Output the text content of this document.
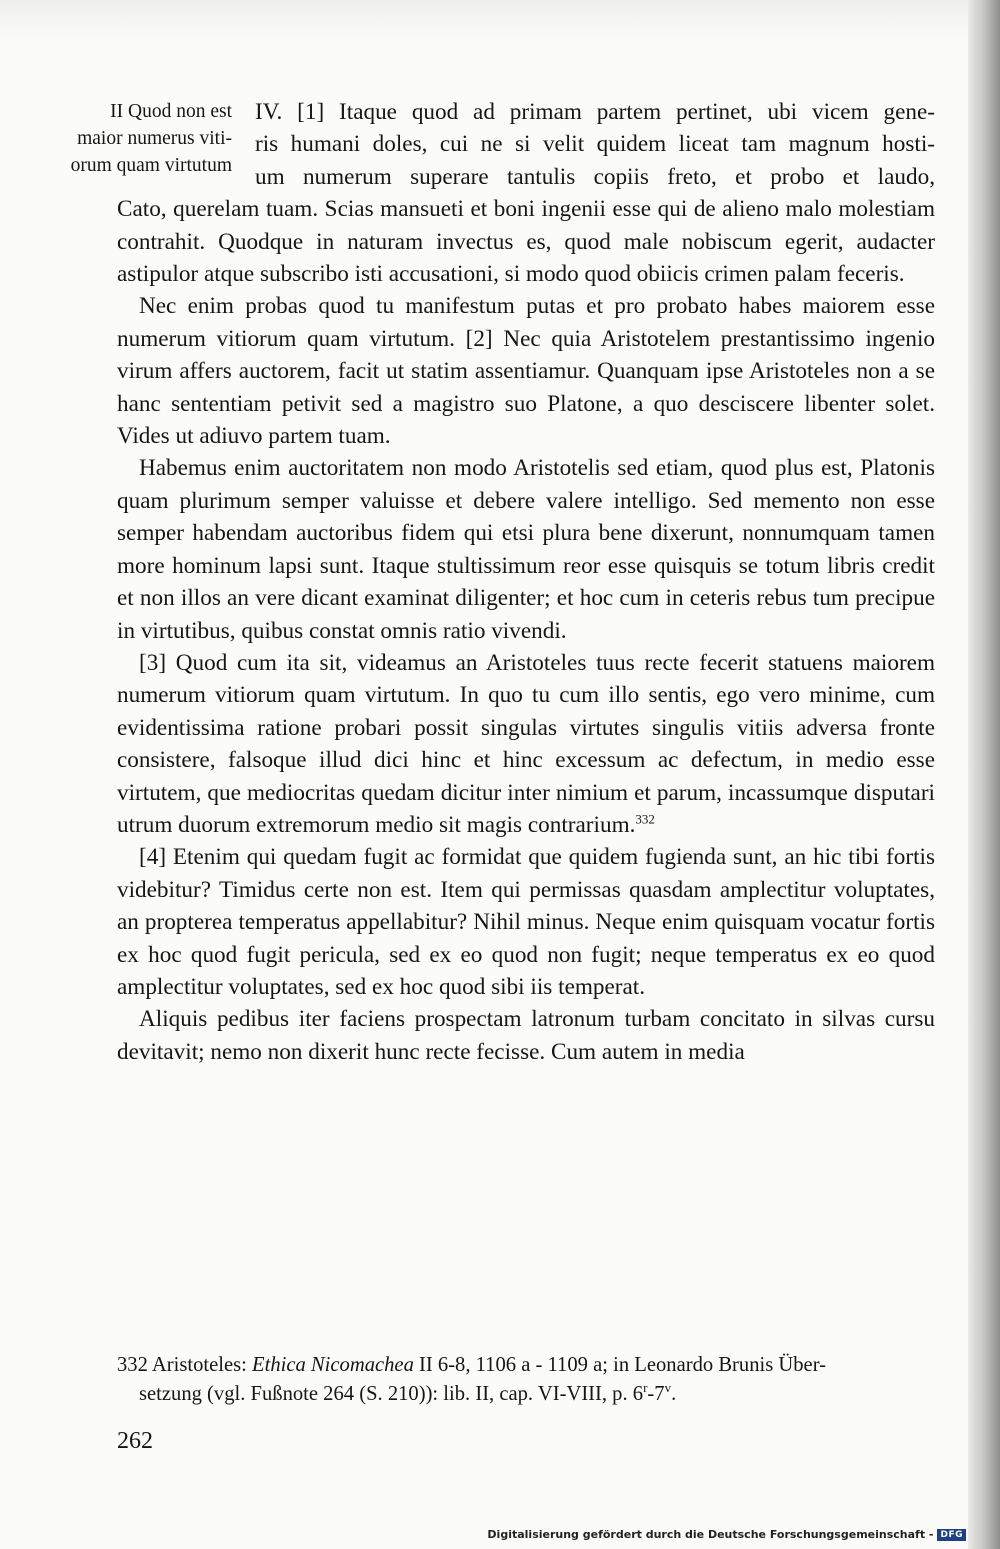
II Quod non est
maior numerus viti-
orum quam virtutum
IV. [1] Itaque quod ad primam partem pertinet, ubi vicem gene-
ris humani doles, cui ne si velit quidem liceat tam magnum hosti-
um numerum superare tantulis copiis freto, et probo et laudo,
Cato, querelam tuam. Scias mansueti et boni ingenii esse qui de alieno malo molestiam contrahit. Quodque in naturam invectus es, quod male nobiscum egerit, audacter astipulor atque subscribo isti accusationi, si modo quod obiicis crimen palam feceris.

Nec enim probas quod tu manifestum putas et pro probato habes maiorem esse numerum vitiorum quam virtutum. [2] Nec quia Aristotelem prestantissimo ingenio virum affers auctorem, facit ut statim assentiamur. Quanquam ipse Aristoteles non a se hanc sententiam petivit sed a magistro suo Platone, a quo desciscere libenter solet. Vides ut adiuvo partem tuam.

Habemus enim auctoritatem non modo Aristotelis sed etiam, quod plus est, Platonis quam plurimum semper valuisse et debere valere intelligo. Sed memento non esse semper habendam auctoribus fidem qui etsi plura bene dixerunt, nonnumquam tamen more hominum lapsi sunt. Itaque stultissimum reor esse quisquis se totum libris credit et non illos an vere dicant examinat diligenter; et hoc cum in ceteris rebus tum precipue in virtutibus, quibus constat omnis ratio vivendi.

[3] Quod cum ita sit, videamus an Aristoteles tuus recte fecerit statuens maiorem numerum vitiorum quam virtutum. In quo tu cum illo sentis, ego vero minime, cum evidentissima ratione probari possit singulas virtutes singulis vitiis adversa fronte consistere, falsoque illud dici hinc et hinc excessum ac defectum, in medio esse virtutem, que mediocritas quedam dicitur inter nimium et parum, incassumque disputari utrum duorum extremorum medio sit magis contrarium.$^{332}$

[4] Etenim qui quedam fugit ac formidat que quidem fugienda sunt, an hic tibi fortis videbitur? Timidus certe non est. Item qui permissas quasdam amplectitur voluptates, an propterea temperatus appellabitur? Nihil minus. Neque enim quisquam vocatur fortis ex hoc quod fugit pericula, sed ex eo quod non fugit; neque temperatus ex eo quod amplectitur voluptates, sed ex hoc quod sibi iis temperat.

Aliquis pedibus iter faciens prospectam latronum turbam concitato in silvas cursu devitavit; nemo non dixerit hunc recte fecisse. Cum autem in media

332 Aristoteles: Ethica Nicomachea II 6-8, 1106 a - 1109 a; in Leonardo Brunis Über-
setzung (vgl. Fußnote 264 (S. 210)): lib. II, cap. VI-VIII, p. 6$^r$-7$^v$.
262
Digitalisierung gefördert durch die Deutsche Forschungsgemeinschaft - DFG
